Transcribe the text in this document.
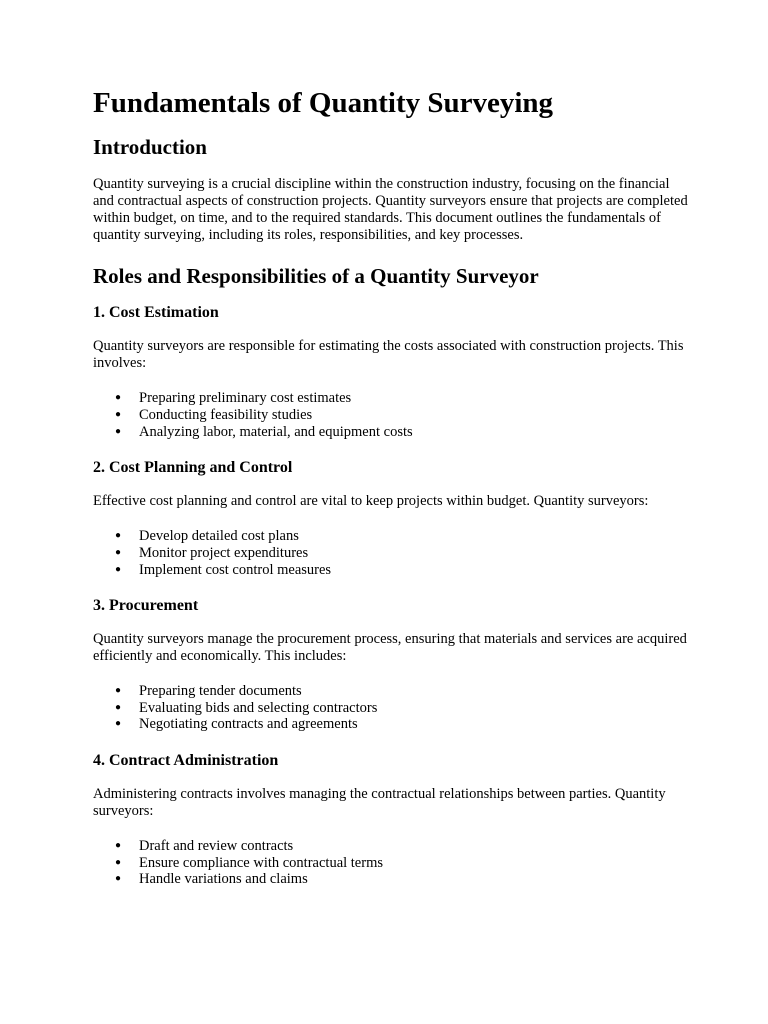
Fundamentals of Quantity Surveying
Introduction

Quantity surveying is a crucial discipline within the construction industry, focusing on the financial and contractual aspects of construction projects. Quantity surveyors ensure that projects are completed within budget, on time, and to the required standards. This document outlines the fundamentals of quantity surveying, including its roles, responsibilities, and key processes.

Roles and Responsibilities of a Quantity Surveyor
1. Cost Estimation

Quantity surveyors are responsible for estimating the costs associated with construction projects. This involves:

● Preparing preliminary cost estimates
● Conducting feasibility studies
● Analyzing labor, material, and equipment costs
2. Cost Planning and Control

Effective cost planning and control are vital to keep projects within budget. Quantity surveyors:

● Develop detailed cost plans
● Monitor project expenditures
● Implement cost control measures
3. Procurement

Quantity surveyors manage the procurement process, ensuring that materials and services are acquired efficiently and economically. This includes:

● Preparing tender documents
● Evaluating bids and selecting contractors
● Negotiating contracts and agreements
4. Contract Administration

Administering contracts involves managing the contractual relationships between parties. Quantity surveyors:

● Draft and review contracts
● Ensure compliance with contractual terms
● Handle variations and claims
